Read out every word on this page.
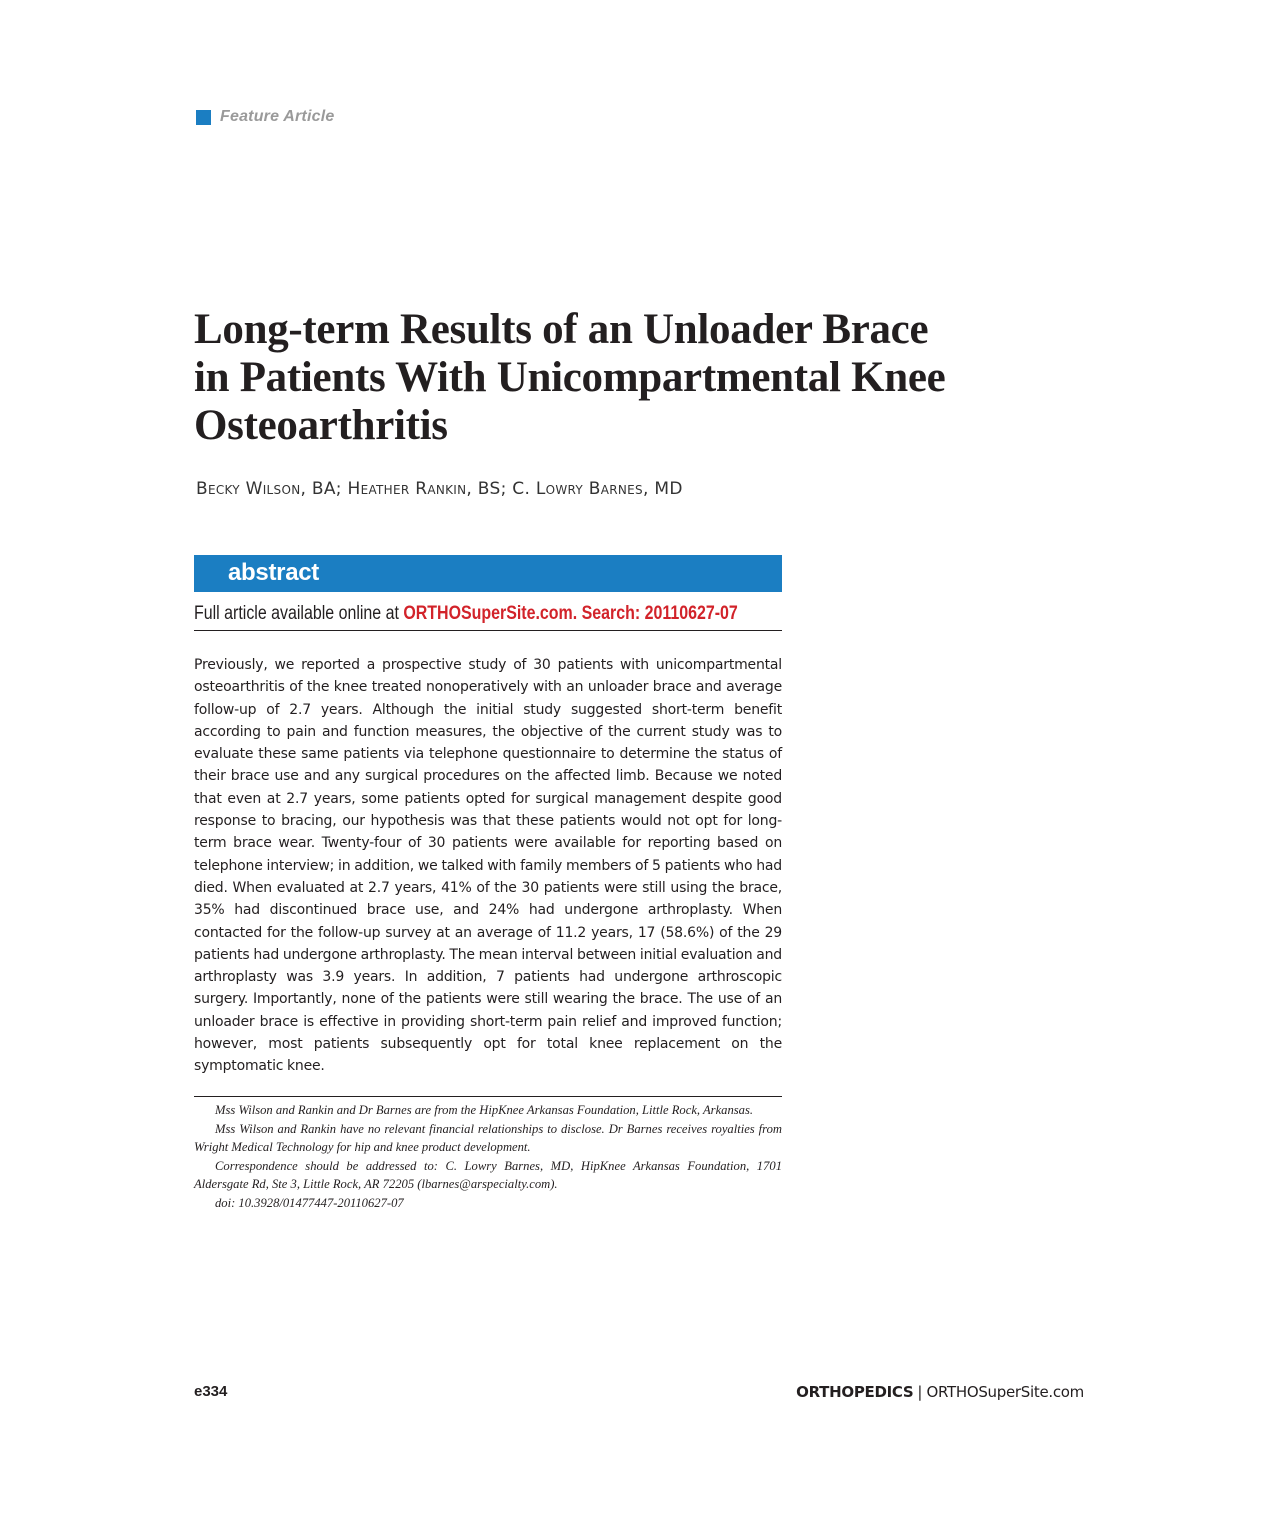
Feature Article
Long-term Results of an Unloader Brace
in Patients With Unicompartmental Knee
Osteoarthritis
Becky Wilson, BA; Heather Rankin, BS; C. Lowry Barnes, MD
abstract
Full article available online at ORTHOSuperSite.com. Search: 20110627-07

Previously, we reported a prospective study of 30 patients with unicompartmental osteoarthritis of the knee treated nonoperatively with an unloader brace and average follow-up of 2.7 years. Although the initial study suggested short-term benefit according to pain and function measures, the objective of the current study was to evaluate these same patients via telephone questionnaire to determine the status of their brace use and any surgical procedures on the affected limb. Because we noted that even at 2.7 years, some patients opted for surgical management despite good response to bracing, our hypothesis was that these patients would not opt for long-term brace wear. Twenty-four of 30 patients were available for reporting based on telephone interview; in addition, we talked with family members of 5 patients who had died. When evaluated at 2.7 years, 41% of the 30 patients were still using the brace, 35% had discontinued brace use, and 24% had undergone arthroplasty. When contacted for the follow-up survey at an average of 11.2 years, 17 (58.6%) of the 29 patients had undergone arthroplasty. The mean interval between initial evaluation and arthroplasty was 3.9 years. In addition, 7 patients had undergone arthroscopic surgery. Importantly, none of the patients were still wearing the brace. The use of an unloader brace is effective in providing short-term pain relief and improved function; however, most patients subsequently opt for total knee replacement on the symptomatic knee.

Mss Wilson and Rankin and Dr Barnes are from the HipKnee Arkansas Foundation, Little Rock, Arkansas.

Mss Wilson and Rankin have no relevant financial relationships to disclose. Dr Barnes receives royalties from Wright Medical Technology for hip and knee product development.

Correspondence should be addressed to: C. Lowry Barnes, MD, HipKnee Arkansas Foundation, 1701 Aldersgate Rd, Ste 3, Little Rock, AR 72205 (lbarnes@arspecialty.com).

doi: 10.3928/01477447-20110627-07

e334	ORTHOPEDICS | ORTHOSuperSite.com
